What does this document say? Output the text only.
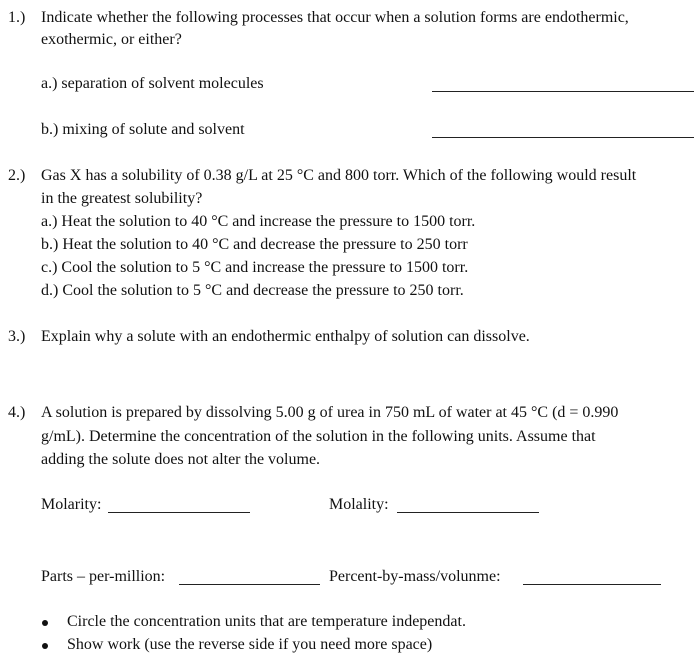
1.) Indicate whether the following processes that occur when a solution forms are endothermic,
exothermic, or either?
a.) separation of solvent molecules
b.) mixing of solute and solvent
2.) Gas X has a solubility of 0.38 g/L at 25 °C and 800 torr. Which of the following would result
in the greatest solubility?
a.) Heat the solution to 40 °C and increase the pressure to 1500 torr.
b.) Heat the solution to 40 °C and decrease the pressure to 250 torr
c.) Cool the solution to 5 °C and increase the pressure to 1500 torr.
d.) Cool the solution to 5 °C and decrease the pressure to 250 torr.
3.) Explain why a solute with an endothermic enthalpy of solution can dissolve.
4.) A solution is prepared by dissolving 5.00 g of urea in 750 mL of water at 45 °C (d = 0.990
g/mL). Determine the concentration of the solution in the following units. Assume that
adding the solute does not alter the volume.
Molarity:	Molality:
Parts – per-million:	Percent-by-mass/volunme:
Circle the concentration units that are temperature independat.
Show work (use the reverse side if you need more space)
